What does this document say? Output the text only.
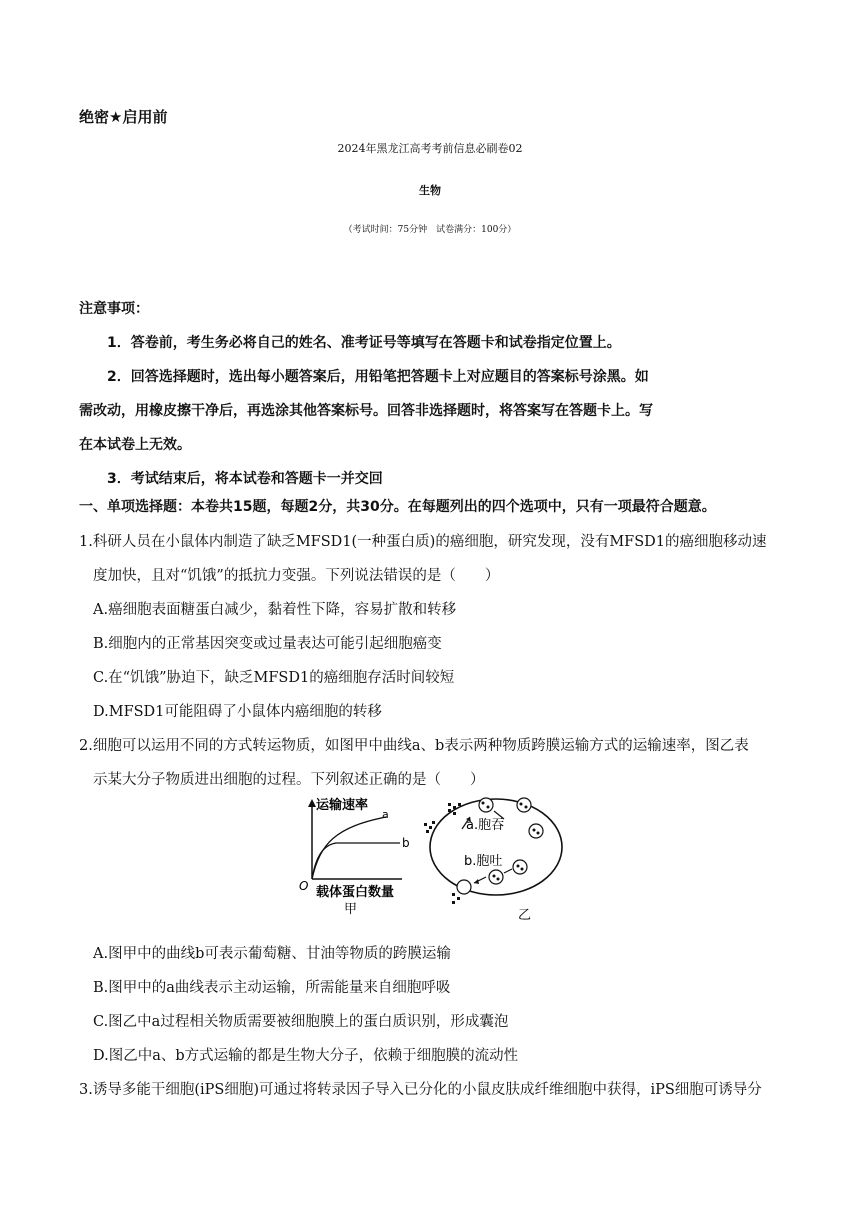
绝密★启用前
2024年黑龙江高考考前信息必刷卷02
生物
（考试时间：75分钟　试卷满分：100分）
注意事项：
1．答卷前，考生务必将自己的姓名、准考证号等填写在答题卡和试卷指定位置上。
2．回答选择题时，选出每小题答案后，用铅笔把答题卡上对应题目的答案标号涂黑。如
需改动，用橡皮擦干净后，再选涂其他答案标号。回答非选择题时，将答案写在答题卡上。写
在本试卷上无效。
3．考试结束后，将本试卷和答题卡一并交回
一、单项选择题：本卷共15题，每题2分，共30分。在每题列出的四个选项中，只有一项最符合题意。
1.科研人员在小鼠体内制造了缺乏MFSD1(一种蛋白质)的癌细胞，研究发现，没有MFSD1的癌细胞移动速
度加快，且对“饥饿”的抵抗力变强。下列说法错误的是（　　）
A.癌细胞表面糖蛋白减少，黏着性下降，容易扩散和转移
B.细胞内的正常基因突变或过量表达可能引起细胞癌变
C.在“饥饿”胁迫下，缺乏MFSD1的癌细胞存活时间较短
D.MFSD1可能阻碍了小鼠体内癌细胞的转移
2.细胞可以运用不同的方式转运物质，如图甲中曲线a、b表示两种物质跨膜运输方式的运输速率，图乙表
示某大分子物质进出细胞的过程。下列叙述正确的是（　　）
运输速率
a
b
O 载体蛋白数量
甲
a.胞吞
b.胞吐
乙
A.图甲中的曲线b可表示葡萄糖、甘油等物质的跨膜运输
B.图甲中的a曲线表示主动运输，所需能量来自细胞呼吸
C.图乙中a过程相关物质需要被细胞膜上的蛋白质识别，形成囊泡
D.图乙中a、b方式运输的都是生物大分子，依赖于细胞膜的流动性
3.诱导多能干细胞(iPS细胞)可通过将转录因子导入已分化的小鼠皮肤成纤维细胞中获得，iPS细胞可诱导分
